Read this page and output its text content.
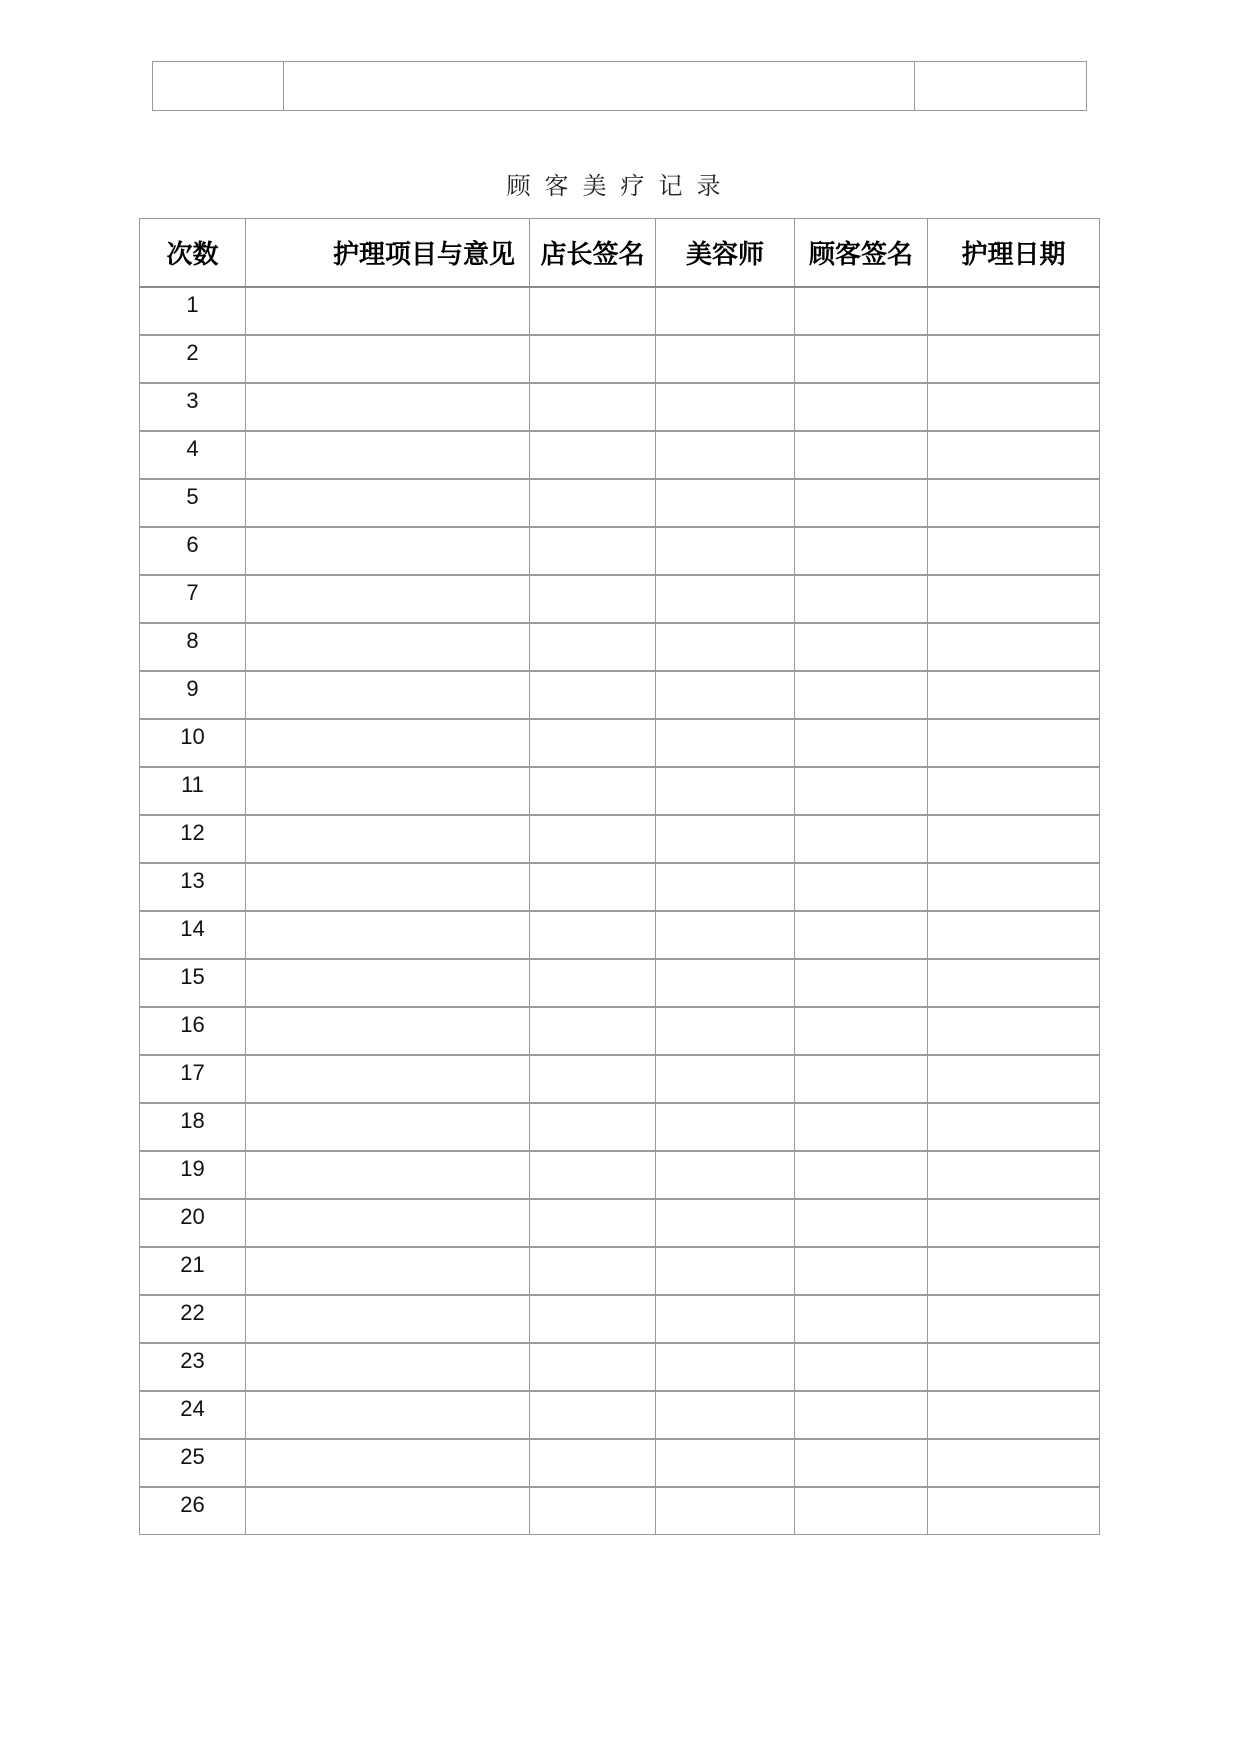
顾客美疗记录
次数	护理项目与意见	店长签名	美容师	顾客签名	护理日期
1					
2					
3					
4					
5					
6					
7					
8					
9					
10					
11					
12					
13					
14					
15					
16					
17					
18					
19					
20					
21					
22					
23					
24					
25					
26					
